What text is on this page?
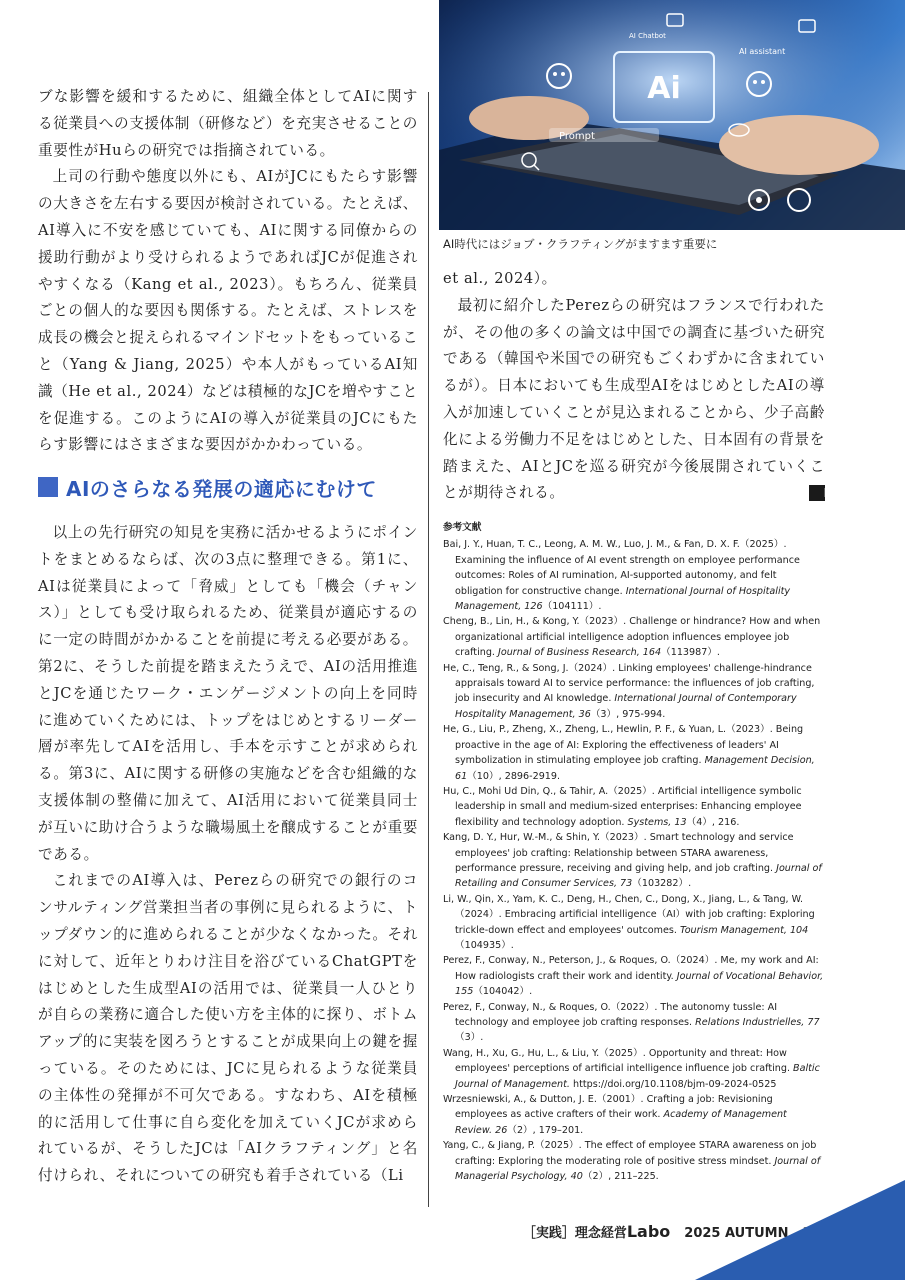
ブな影響を緩和するために、組織全体としてAIに関する従業員への支援体制（研修など）を充実させることの重要性がHuらの研究では指摘されている。

上司の行動や態度以外にも、AIがJCにもたらす影響の大きさを左右する要因が検討されている。たとえば、AI導入に不安を感じていても、AIに関する同僚からの援助行動がより受けられるようであればJCが促進されやすくなる（Kang et al., 2023）。もちろん、従業員ごとの個人的な要因も関係する。たとえば、ストレスを成長の機会と捉えられるマインドセットをもっていること（Yang & Jiang, 2025）や本人がもっているAI知識（He et al., 2024）などは積極的なJCを増やすことを促進する。このようにAIの導入が従業員のJCにもたらす影響にはさまざまな要因がかかわっている。

AIのさらなる発展の適応にむけて

以上の先行研究の知見を実務に活かせるようにポイントをまとめるならば、次の3点に整理できる。第1に、AIは従業員によって「脅威」としても「機会（チャンス）」としても受け取られるため、従業員が適応するのに一定の時間がかかることを前提に考える必要がある。第2に、そうした前提を踏まえたうえで、AIの活用推進とJCを通じたワーク・エンゲージメントの向上を同時に進めていくためには、トップをはじめとするリーダー層が率先してAIを活用し、手本を示すことが求められる。第3に、AIに関する研修の実施などを含む組織的な支援体制の整備に加えて、AI活用において従業員同士が互いに助け合うような職場風土を醸成することが重要である。

これまでのAI導入は、Perezらの研究での銀行のコンサルティング営業担当者の事例に見られるように、トップダウン的に進められることが少なくなかった。それに対して、近年とりわけ注目を浴びているChatGPTをはじめとした生成型AIの活用では、従業員一人ひとりが自らの業務に適合した使い方を主体的に探り、ボトムアップ的に実装を図ろうとすることが成果向上の鍵を握っている。そのためには、JCに見られるような従業員の主体性の発揮が不可欠である。すなわち、AIを積極的に活用して仕事に自ら変化を加えていくJCが求められているが、そうしたJCは「AIクラフティング」と名付けられ、それについての研究も着手されている（Li

Ai
Prompt
AI assistant
AI Chatbot
AI時代にはジョブ・クラフティングがますます重要に

et al., 2024）。

最初に紹介したPerezらの研究はフランスで行われたが、その他の多くの論文は中国での調査に基づいた研究である（韓国や米国での研究もごくわずかに含まれているが）。日本においても生成型AIをはじめとしたAIの導入が加速していくことが見込まれることから、少子高齢化による労働力不足をはじめとした、日本固有の背景を踏まえた、AIとJCを巡る研究が今後展開されていくことが期待される。	L

参考文献

Bai, J. Y., Huan, T. C., Leong, A. M. W., Luo, J. M., & Fan, D. X. F.（2025）. Examining the influence of AI event strength on employee performance outcomes: Roles of AI rumination, AI-supported autonomy, and felt obligation for constructive change. International Journal of Hospitality Management, 126（104111）.

Cheng, B., Lin, H., & Kong, Y.（2023）. Challenge or hindrance? How and when organizational artificial intelligence adoption influences employee job crafting. Journal of Business Research, 164（113987）.

He, C., Teng, R., & Song, J.（2024）. Linking employees' challenge-hindrance appraisals toward AI to service performance: the influences of job crafting, job insecurity and AI knowledge. International Journal of Contemporary Hospitality Management, 36（3）, 975-994.

He, G., Liu, P., Zheng, X., Zheng, L., Hewlin, P. F., & Yuan, L.（2023）. Being proactive in the age of AI: Exploring the effectiveness of leaders' AI symbolization in stimulating employee job crafting. Management Decision, 61（10）, 2896-2919.

Hu, C., Mohi Ud Din, Q., & Tahir, A.（2025）. Artificial intelligence symbolic leadership in small and medium-sized enterprises: Enhancing employee flexibility and technology adoption. Systems, 13（4）, 216.

Kang, D. Y., Hur, W.-M., & Shin, Y.（2023）. Smart technology and service employees' job crafting: Relationship between STARA awareness, performance pressure, receiving and giving help, and job crafting. Journal of Retailing and Consumer Services, 73（103282）.

Li, W., Qin, X., Yam, K. C., Deng, H., Chen, C., Dong, X., Jiang, L., & Tang, W.（2024）. Embracing artificial intelligence（AI）with job crafting: Exploring trickle-down effect and employees' outcomes. Tourism Management, 104（104935）.

Perez, F., Conway, N., Peterson, J., & Roques, O.（2024）. Me, my work and AI: How radiologists craft their work and identity. Journal of Vocational Behavior, 155（104042）.

Perez, F., Conway, N., & Roques, O.（2022）. The autonomy tussle: AI technology and employee job crafting responses. Relations Industrielles, 77（3）.

Wang, H., Xu, G., Hu, L., & Liu, Y.（2025）. Opportunity and threat: How employees' perceptions of artificial intelligence influence job crafting. Baltic Journal of Management. https://doi.org/10.1108/bjm-09-2024-0525

Wrzesniewski, A., & Dutton, J. E.（2001）. Crafting a job: Revisioning employees as active crafters of their work. Academy of Management Review. 26（2）, 179–201.

Yang, C., & Jiang, P.（2025）. The effect of employee STARA awareness on job crafting: Exploring the moderating role of positive stress mindset. Journal of Managerial Psychology, 40（2）, 211–225.

［実践］理念経営Labo 2025 AUTUMN 33
